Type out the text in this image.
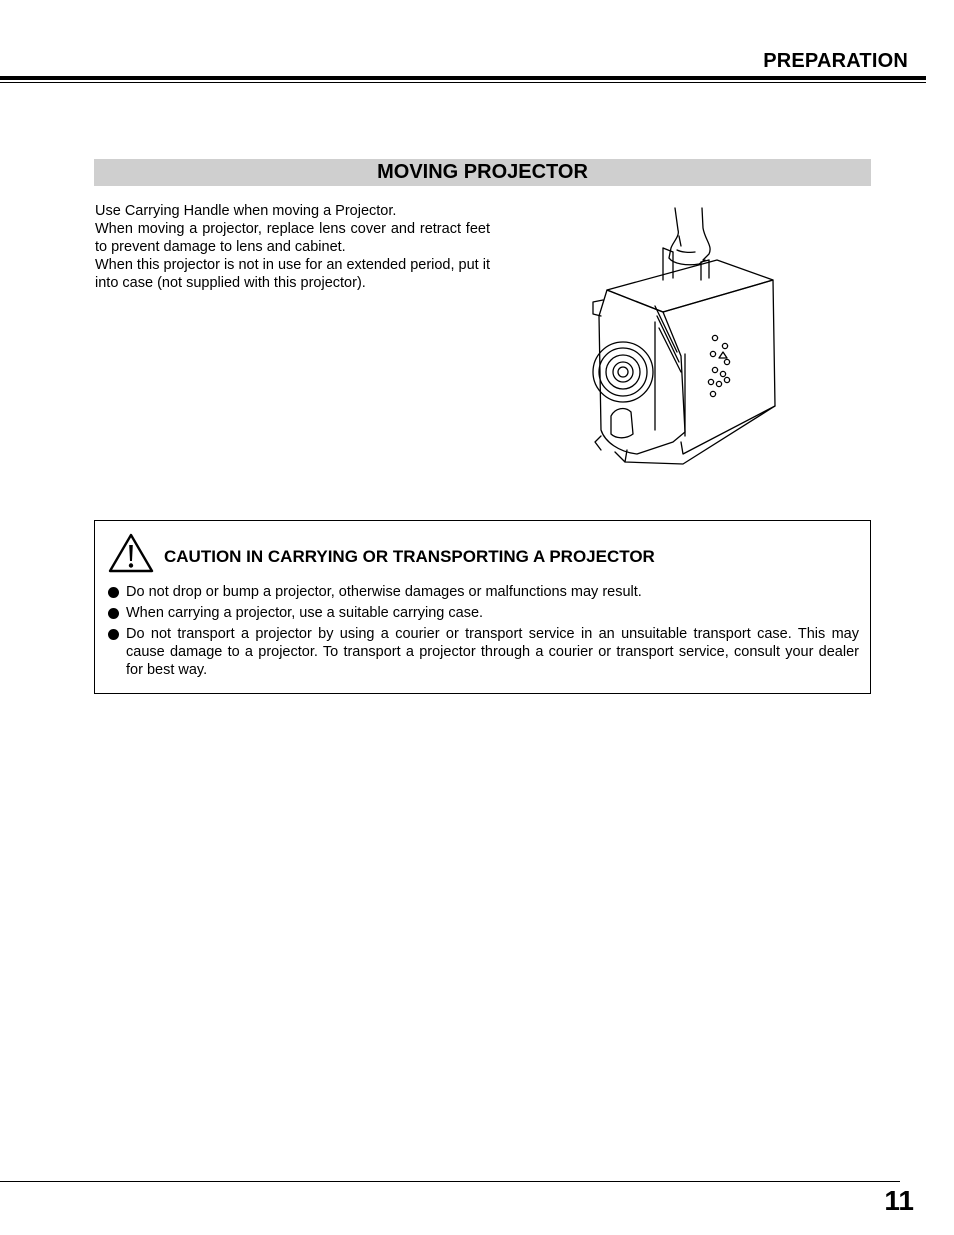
PREPARATION
MOVING PROJECTOR

Use Carrying Handle when moving a Projector.

When moving a projector, replace lens cover and retract feet to prevent damage to lens and cabinet.

When this projector is not in use for an extended period, put it into case (not supplied with this projector).

CAUTION IN CARRYING OR TRANSPORTING A PROJECTOR
Do not drop or bump a projector, otherwise damages or malfunctions may result.
When carrying a projector, use a suitable carrying case.
Do not transport a projector by using a courier or transport service in an unsuitable transport case. This may cause damage to a projector. To transport a projector through a courier or transport service, consult your dealer for best way.
11
